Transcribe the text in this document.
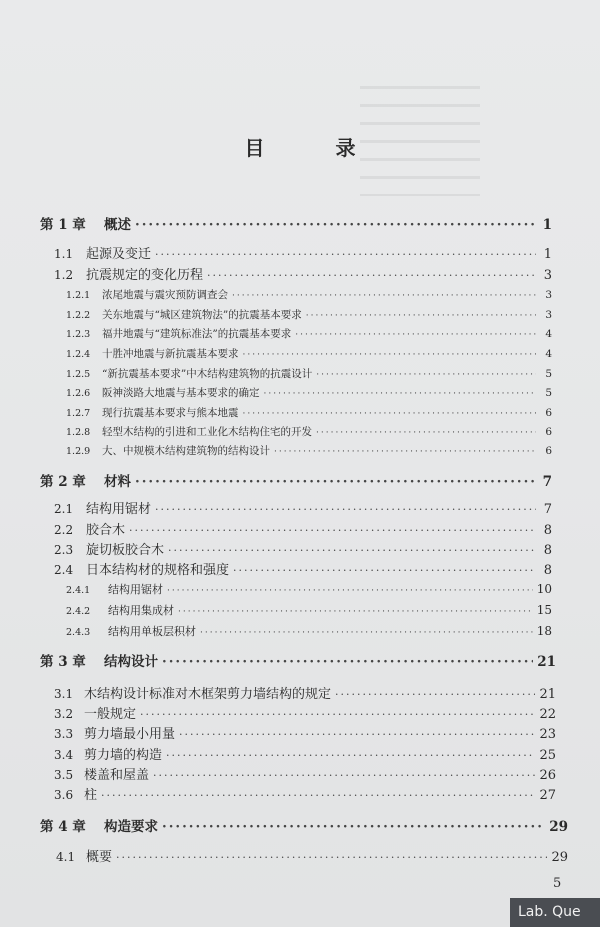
目 录
第 1 章	概述 ·····	1
1.1 起源及变迁 ·····	1
1.2 抗震规定的变化历程 ·····	3
1.2.1	浓尾地震与震灾预防调查会 ·····	3
1.2.2	关东地震与“城区建筑物法”的抗震基本要求 ·····	3
1.2.3	福井地震与“建筑标准法”的抗震基本要求 ·····	4
1.2.4	十胜冲地震与新抗震基本要求 ·····	4
1.2.5	“新抗震基本要求”中木结构建筑物的抗震设计 ·····	5
1.2.6	阪神淡路大地震与基本要求的确定 ·····	5
1.2.7	现行抗震基本要求与熊本地震 ·····	6
1.2.8	轻型木结构的引进和工业化木结构住宅的开发 ·····	6
1.2.9	大、中规模木结构建筑物的结构设计 ·····	6
第 2 章	材料 ·····	7
2.1 结构用锯材 ·····	7
2.2 胶合木 ·····	8
2.3 旋切板胶合木 ·····	8
2.4 日本结构材的规格和强度 ·····	8
2.4.1	结构用锯材 ·····	10
2.4.2	结构用集成材 ·····	15
2.4.3	结构用单板层积材 ·····	18
第 3 章	结构设计 ·····	21
3.1 木结构设计标准对木框架剪力墙结构的规定 ·····	21
3.2 一般规定 ·····	22
3.3 剪力墙最小用量 ·····	23
3.4 剪力墙的构造 ·····	25
3.5 楼盖和屋盖 ·····	26
3.6 柱 ·····	27
第 4 章	构造要求 ·····	29
4.1 概要 ·····	29
5
Lab. Que
